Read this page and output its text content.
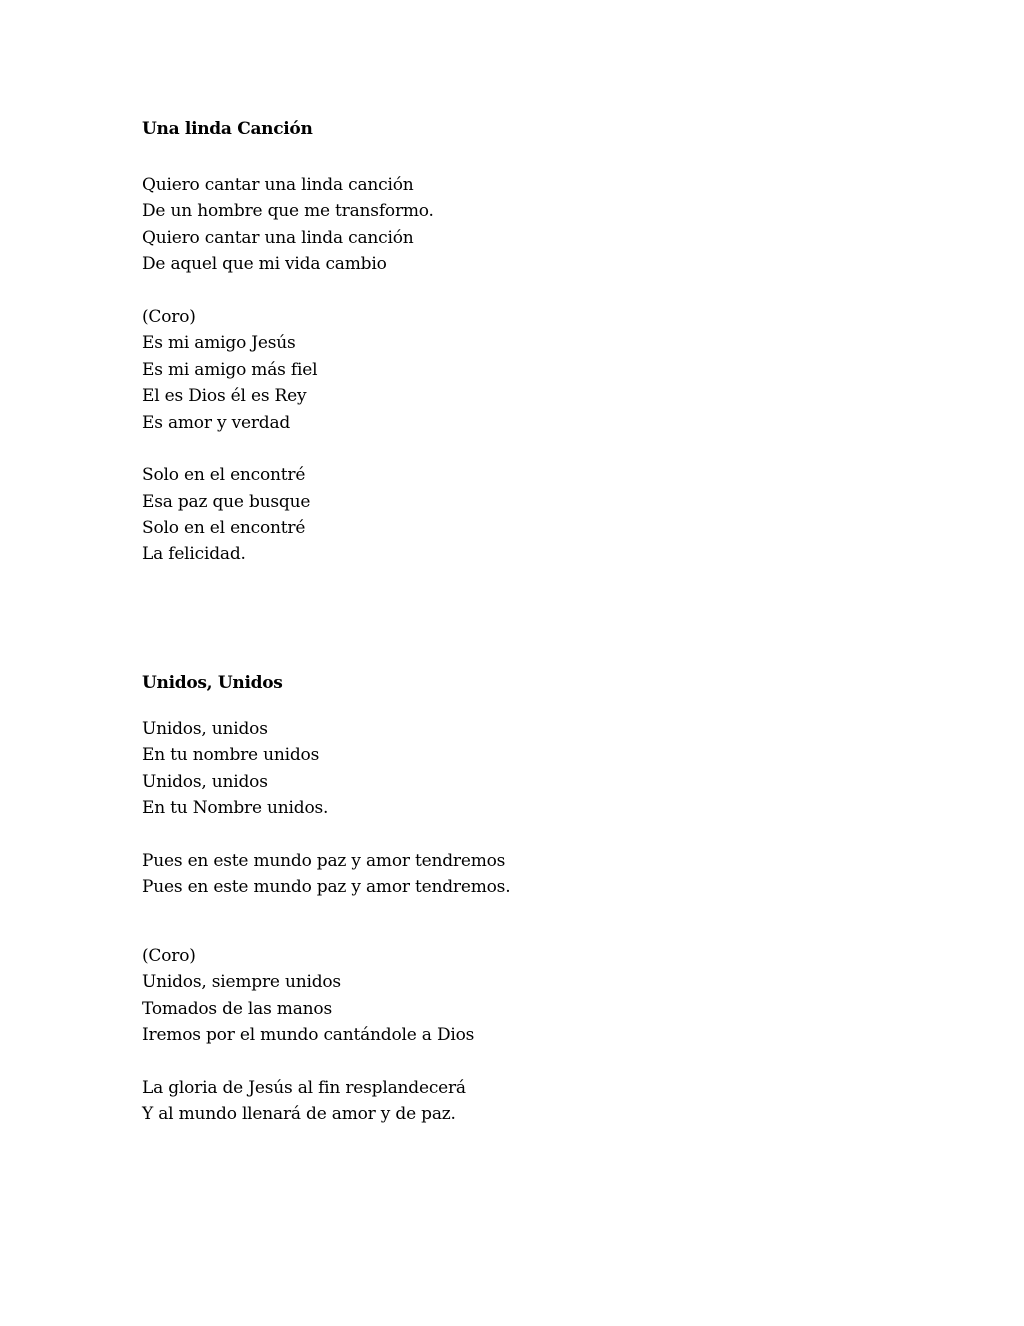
Una linda Canción
Quiero cantar una linda canción
De un hombre que me transformo.
Quiero cantar una linda canción
De aquel que mi vida cambio
(Coro)
Es mi amigo Jesús
Es mi amigo más fiel
El es Dios él es Rey
Es amor y verdad
Solo en el encontré
Esa paz que busque
Solo en el encontré
La felicidad.
Unidos, Unidos
Unidos, unidos
En tu nombre unidos
Unidos, unidos
En tu Nombre unidos.
Pues en este mundo paz y amor tendremos
Pues en este mundo paz y amor tendremos.
(Coro)
Unidos, siempre unidos
Tomados de las manos
Iremos por el mundo cantándole a Dios
La gloria de Jesús al fin resplandecerá
Y al mundo llenará de amor y de paz.
